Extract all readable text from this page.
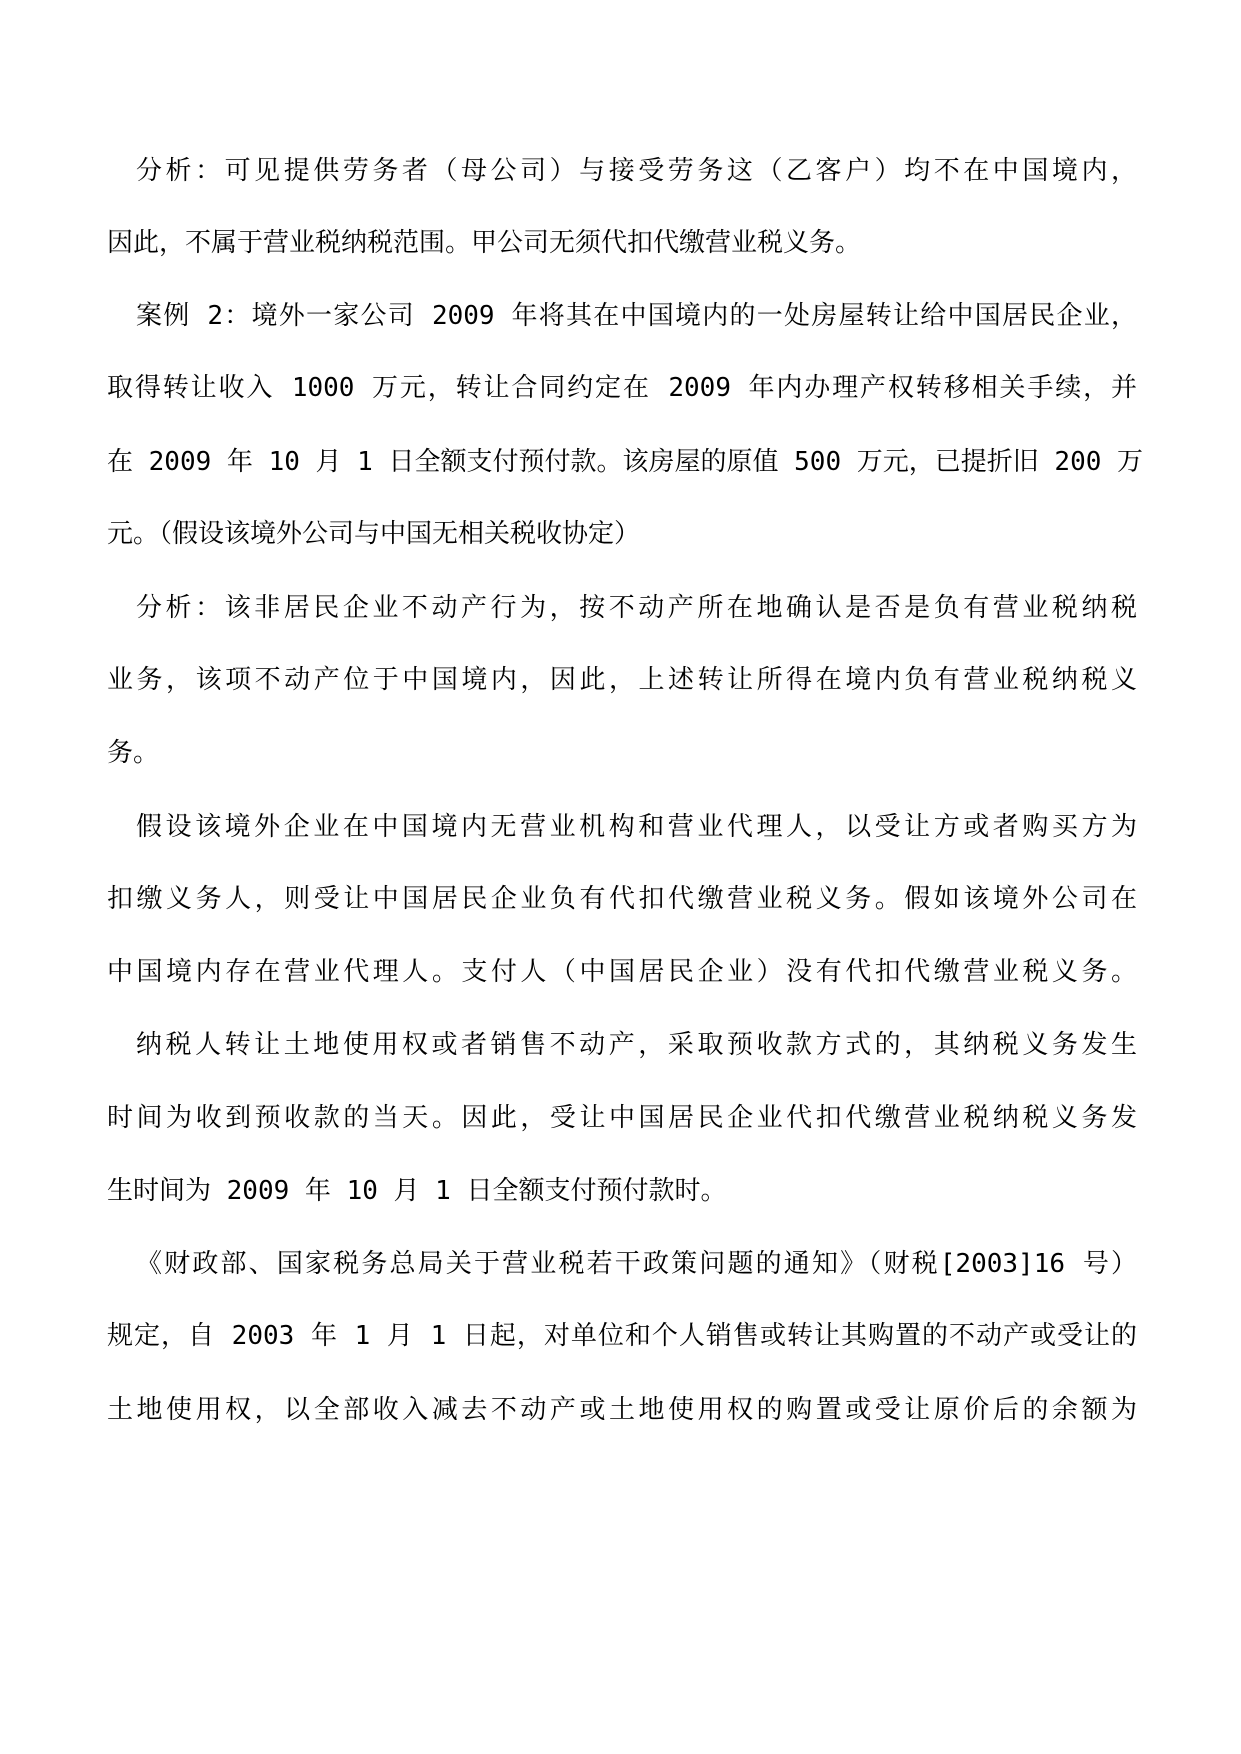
分析：可见提供劳务者（母公司）与接受劳务这（乙客户）均不在中国境内，
因此，不属于营业税纳税范围。甲公司无须代扣代缴营业税义务。
案例 2：境外一家公司 2009 年将其在中国境内的一处房屋转让给中国居民企业，
取得转让收入 1000 万元，转让合同约定在 2009 年内办理产权转移相关手续，并
在 2009 年 10 月 1 日全额支付预付款。该房屋的原值 500 万元，已提折旧 200 万
元。（假设该境外公司与中国无相关税收协定）
分析：该非居民企业不动产行为，按不动产所在地确认是否是负有营业税纳税
业务，该项不动产位于中国境内，因此，上述转让所得在境内负有营业税纳税义
务。
假设该境外企业在中国境内无营业机构和营业代理人，以受让方或者购买方为
扣缴义务人，则受让中国居民企业负有代扣代缴营业税义务。假如该境外公司在
中国境内存在营业代理人。支付人（中国居民企业）没有代扣代缴营业税义务。
纳税人转让土地使用权或者销售不动产，采取预收款方式的，其纳税义务发生
时间为收到预收款的当天。因此，受让中国居民企业代扣代缴营业税纳税义务发
生时间为 2009 年 10 月 1 日全额支付预付款时。
《财政部、国家税务总局关于营业税若干政策问题的通知》（财税[2003]16 号）
规定，自 2003 年 1 月 1 日起，对单位和个人销售或转让其购置的不动产或受让的
土地使用权，以全部收入减去不动产或土地使用权的购置或受让原价后的余额为
